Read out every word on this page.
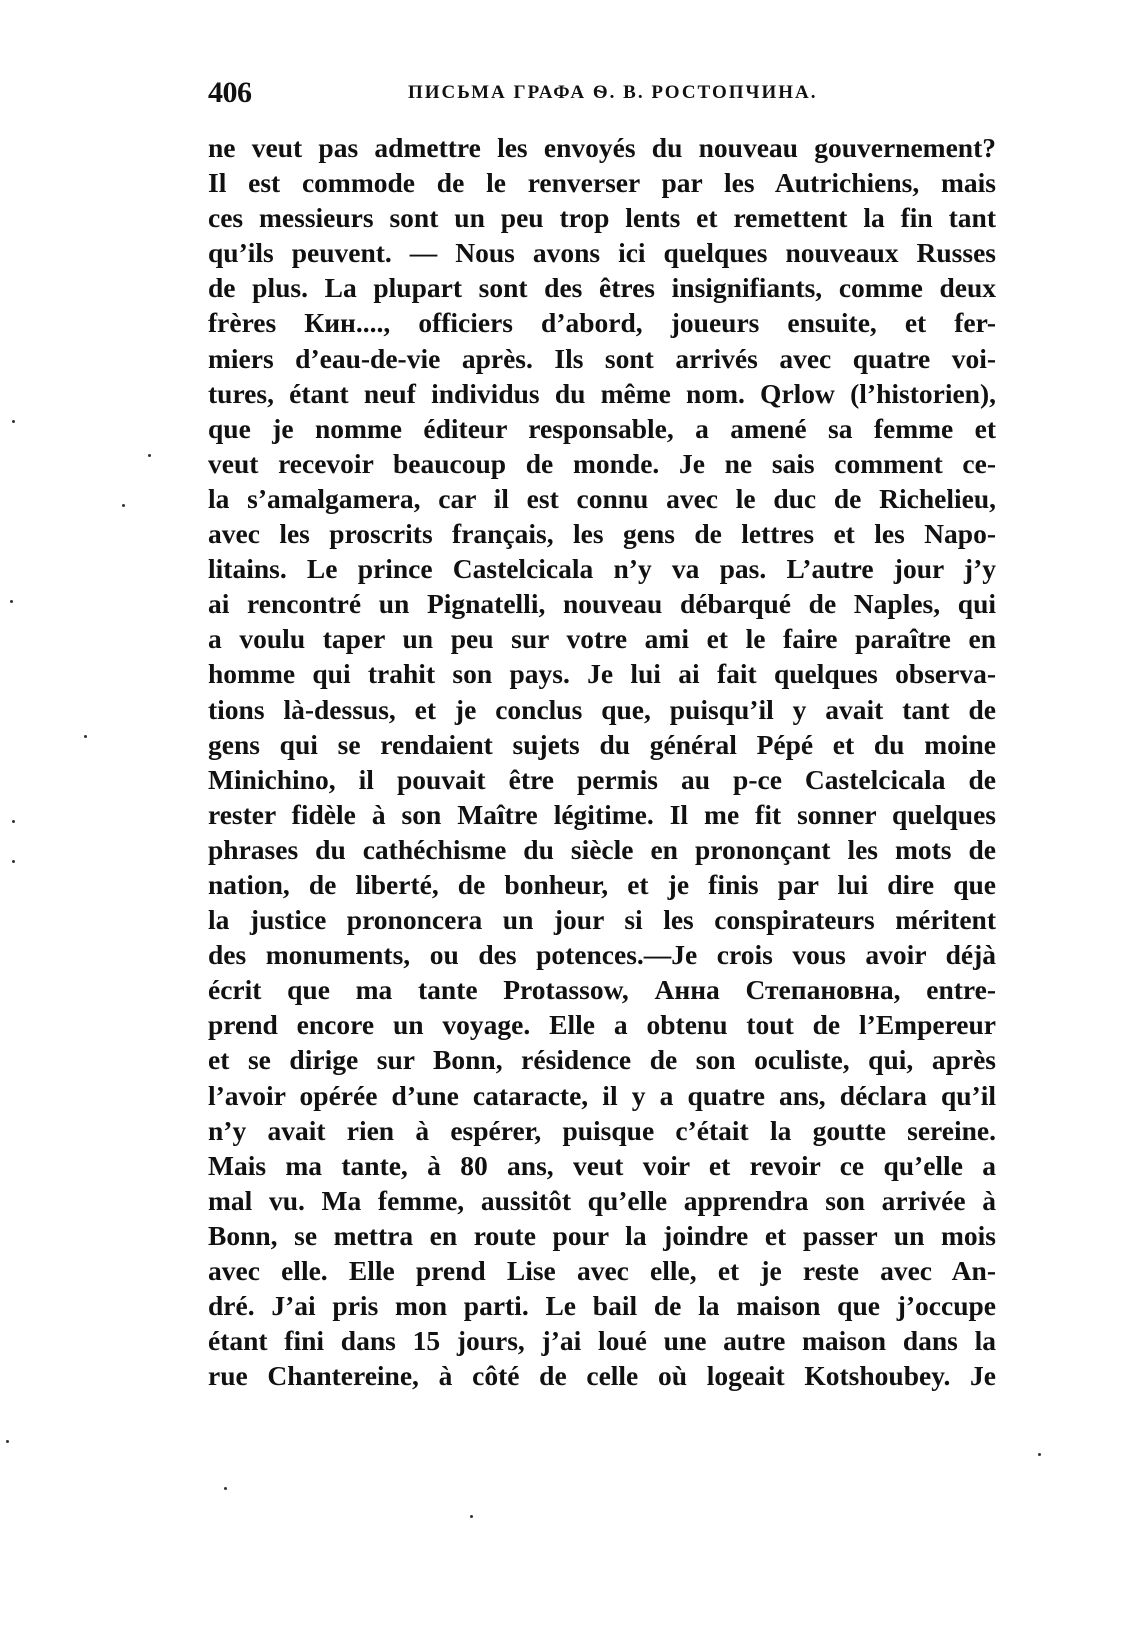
406	ПИСЬМА ГРАФА Ѳ. В. РОСТОПЧИНА.
ne veut pas admettre les envoyés du nouveau gouvernement?
Il est commode de le renverser par les Autrichiens, mais
ces messieurs sont un peu trop lents et remettent la fin tant
qu’ils peuvent. — Nous avons ici quelques nouveaux Russes
de plus. La plupart sont des êtres insignifiants, comme deux
frères Кин...., officiers d’abord, joueurs ensuite, et fer-
miers d’eau-de-vie après. Ils sont arrivés avec quatre voi-
tures, étant neuf individus du même nom. Qrlow (l’historien),
que je nomme éditeur responsable, a amené sa femme et
veut recevoir beaucoup de monde. Je ne sais comment ce-
la s’amalgamera, car il est connu avec le duc de Richelieu,
avec les proscrits français, les gens de lettres et les Napo-
litains. Le prince Castelcicala n’y va pas. L’autre jour j’y
ai rencontré un Pignatelli, nouveau débarqué de Naples, qui
a voulu taper un peu sur votre ami et le faire paraître en
homme qui trahit son pays. Je lui ai fait quelques observa-
tions là-dessus, et je conclus que, puisqu’il y avait tant de
gens qui se rendaient sujets du général Pépé et du moine
Minichino, il pouvait être permis au p-ce Castelcicala de
rester fidèle à son Maître légitime. Il me fit sonner quelques
phrases du cathéchisme du siècle en prononçant les mots de
nation, de liberté, de bonheur, et je finis par lui dire que
la justice prononcera un jour si les conspirateurs méritent
des monuments, ou des potences.—Je crois vous avoir déjà
écrit que ma tante Protassow, Анна Степановна, entre-
prend encore un voyage. Elle a obtenu tout de l’Empereur
et se dirige sur Bonn, résidence de son oculiste, qui, après
l’avoir opérée d’une cataracte, il y a quatre ans, déclara qu’il
n’y avait rien à espérer, puisque c’était la goutte sereine.
Mais ma tante, à 80 ans, veut voir et revoir ce qu’elle a
mal vu. Ma femme, aussitôt qu’elle apprendra son arrivée à
Bonn, se mettra en route pour la joindre et passer un mois
avec elle. Elle prend Lise avec elle, et je reste avec An-
dré. J’ai pris mon parti. Le bail de la maison que j’occupe
étant fini dans 15 jours, j’ai loué une autre maison dans la
rue Chantereine, à côté de celle où logeait Kotshoubey. Je
